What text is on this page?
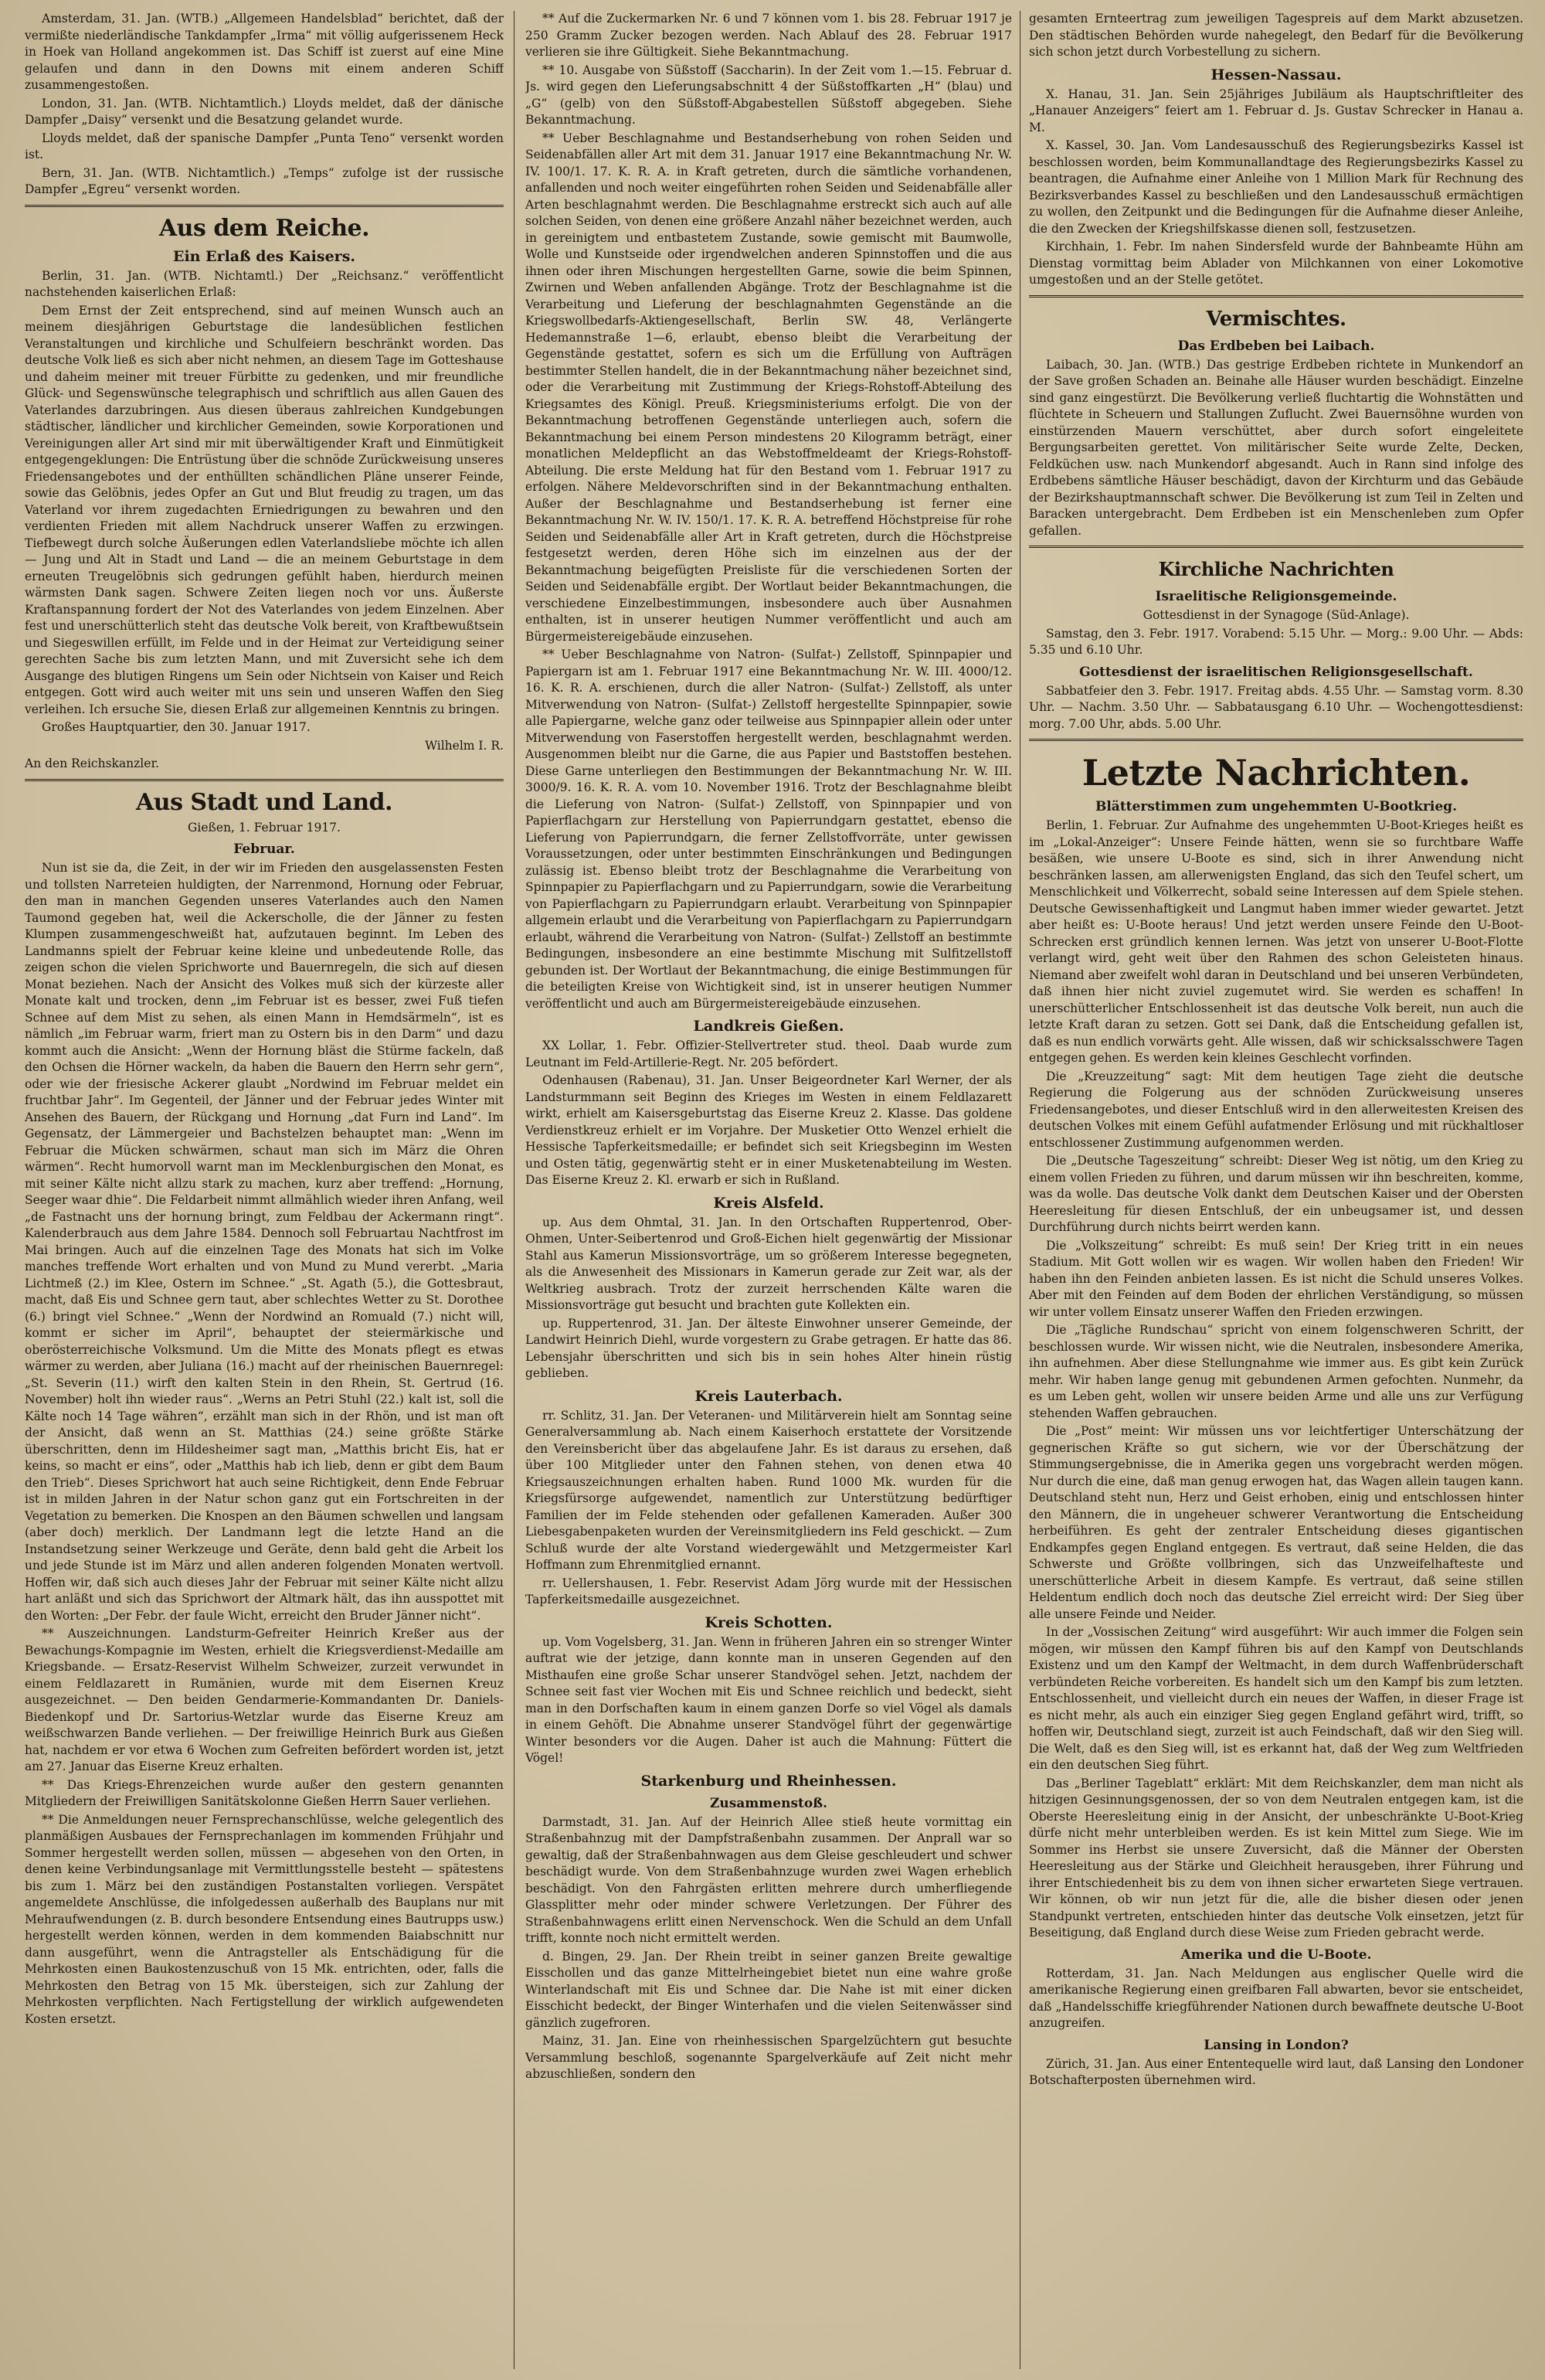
Amsterdam, 31. Jan. (WTB.) „Allgemeen Handelsblad“ berichtet, daß der vermißte niederländische Tankdampfer „Irma“ mit völlig aufgerissenem Heck in Hoek van Holland angekommen ist. Das Schiff ist zuerst auf eine Mine gelaufen und dann in den Downs mit einem anderen Schiff zusammengestoßen.

London, 31. Jan. (WTB. Nichtamtlich.) Lloyds meldet, daß der dänische Dampfer „Daisy“ versenkt und die Besatzung gelandet wurde.

Lloyds meldet, daß der spanische Dampfer „Punta Teno“ versenkt worden ist.

Bern, 31. Jan. (WTB. Nichtamtlich.) „Temps“ zufolge ist der russische Dampfer „Egreu“ versenkt worden.

Aus dem Reiche.
Ein Erlaß des Kaisers.

Berlin, 31. Jan. (WTB. Nichtamtl.) Der „Reichsanz.“ veröffentlicht nachstehenden kaiserlichen Erlaß:

Dem Ernst der Zeit entsprechend, sind auf meinen Wunsch auch an meinem diesjährigen Geburtstage die landesüblichen festlichen Veranstaltungen und kirchliche und Schulfeiern beschränkt worden. Das deutsche Volk ließ es sich aber nicht nehmen, an diesem Tage im Gotteshause und daheim meiner mit treuer Fürbitte zu gedenken, und mir freundliche Glück- und Segenswünsche telegraphisch und schriftlich aus allen Gauen des Vaterlandes darzubringen. Aus diesen überaus zahlreichen Kundgebungen städtischer, ländlicher und kirchlicher Gemeinden, sowie Korporationen und Vereinigungen aller Art sind mir mit überwältigender Kraft und Einmütigkeit entgegengeklungen: Die Entrüstung über die schnöde Zurückweisung unseres Friedensangebotes und der enthüllten schändlichen Pläne unserer Feinde, sowie das Gelöbnis, jedes Opfer an Gut und Blut freudig zu tragen, um das Vaterland vor ihrem zugedachten Erniedrigungen zu bewahren und den verdienten Frieden mit allem Nachdruck unserer Waffen zu erzwingen. Tiefbewegt durch solche Äußerungen edlen Vaterlandsliebe möchte ich allen — Jung und Alt in Stadt und Land — die an meinem Geburtstage in dem erneuten Treugelöbnis sich gedrungen gefühlt haben, hierdurch meinen wärmsten Dank sagen. Schwere Zeiten liegen noch vor uns. Äußerste Kraftanspannung fordert der Not des Vaterlandes von jedem Einzelnen. Aber fest und unerschütterlich steht das deutsche Volk bereit, von Kraftbewußtsein und Siegeswillen erfüllt, im Felde und in der Heimat zur Verteidigung seiner gerechten Sache bis zum letzten Mann, und mit Zuversicht sehe ich dem Ausgange des blutigen Ringens um Sein oder Nichtsein von Kaiser und Reich entgegen. Gott wird auch weiter mit uns sein und unseren Waffen den Sieg verleihen. Ich ersuche Sie, diesen Erlaß zur allgemeinen Kenntnis zu bringen.

Großes Hauptquartier, den 30. Januar 1917.

Wilhelm I. R.

An den Reichskanzler.

Aus Stadt und Land.

Gießen, 1. Februar 1917.

Februar.

Nun ist sie da, die Zeit, in der wir im Frieden den ausgelassensten Festen und tollsten Narreteien huldigten, der Narrenmond, Hornung oder Februar, den man in manchen Gegenden unseres Vaterlandes auch den Namen Taumond gegeben hat, weil die Ackerscholle, die der Jänner zu festen Klumpen zusammengeschweißt hat, aufzutauen beginnt. Im Leben des Landmanns spielt der Februar keine kleine und unbedeutende Rolle, das zeigen schon die vielen Sprichworte und Bauernregeln, die sich auf diesen Monat beziehen. Nach der Ansicht des Volkes muß sich der kürzeste aller Monate kalt und trocken, denn „im Februar ist es besser, zwei Fuß tiefen Schnee auf dem Mist zu sehen, als einen Mann in Hemdsärmeln“, ist es nämlich „im Februar warm, friert man zu Ostern bis in den Darm“ und dazu kommt auch die Ansicht: „Wenn der Hornung bläst die Stürme fackeln, daß den Ochsen die Hörner wackeln, da haben die Bauern den Herrn sehr gern“, oder wie der friesische Ackerer glaubt „Nordwind im Februar meldet ein fruchtbar Jahr“. Im Gegenteil, der Jänner und der Februar jedes Winter mit Ansehen des Bauern, der Rückgang und Hornung „dat Furn ind Land“. Im Gegensatz, der Lämmergeier und Bachstelzen behauptet man: „Wenn im Februar die Mücken schwärmen, schaut man sich im März die Ohren wärmen“. Recht humorvoll warnt man im Mecklenburgischen den Monat, es mit seiner Kälte nicht allzu stark zu machen, kurz aber treffend: „Hornung, Seeger waar dhie“. Die Feldarbeit nimmt allmählich wieder ihren Anfang, weil „de Fastnacht uns der hornung bringt, zum Feldbau der Ackermann ringt“. Kalenderbrauch aus dem Jahre 1584. Dennoch soll Februartau Nachtfrost im Mai bringen. Auch auf die einzelnen Tage des Monats hat sich im Volke manches treffende Wort erhalten und von Mund zu Mund vererbt. „Maria Lichtmeß (2.) im Klee, Ostern im Schnee.“ „St. Agath (5.), die Gottesbraut, macht, daß Eis und Schnee gern taut, aber schlechtes Wetter zu St. Dorothee (6.) bringt viel Schnee.“ „Wenn der Nordwind an Romuald (7.) nicht will, kommt er sicher im April“, behauptet der steiermärkische und oberösterreichische Volksmund. Um die Mitte des Monats pflegt es etwas wärmer zu werden, aber Juliana (16.) macht auf der rheinischen Bauernregel: „St. Severin (11.) wirft den kalten Stein in den Rhein, St. Gertrud (16. November) holt ihn wieder raus“. „Werns an Petri Stuhl (22.) kalt ist, soll die Kälte noch 14 Tage währen“, erzählt man sich in der Rhön, und ist man oft der Ansicht, daß wenn an St. Matthias (24.) seine größte Stärke überschritten, denn im Hildesheimer sagt man, „Matthis bricht Eis, hat er keins, so macht er eins“, oder „Matthis hab ich lieb, denn er gibt dem Baum den Trieb“. Dieses Sprichwort hat auch seine Richtigkeit, denn Ende Februar ist in milden Jahren in der Natur schon ganz gut ein Fortschreiten in der Vegetation zu bemerken. Die Knospen an den Bäumen schwellen und langsam (aber doch) merklich. Der Landmann legt die letzte Hand an die Instandsetzung seiner Werkzeuge und Geräte, denn bald geht die Arbeit los und jede Stunde ist im März und allen anderen folgenden Monaten wertvoll. Hoffen wir, daß sich auch dieses Jahr der Februar mit seiner Kälte nicht allzu hart anläßt und sich das Sprichwort der Altmark hält, das ihn ausspottet mit den Worten: „Der Febr. der faule Wicht, erreicht den Bruder Jänner nicht“.

** Auszeichnungen. Landsturm-Gefreiter Heinrich Kreßer aus der Bewachungs-Kompagnie im Westen, erhielt die Kriegsverdienst-Medaille am Kriegsbande. — Ersatz-Reservist Wilhelm Schweizer, zurzeit verwundet in einem Feldlazarett in Rumänien, wurde mit dem Eisernen Kreuz ausgezeichnet. — Den beiden Gendarmerie-Kommandanten Dr. Daniels-Biedenkopf und Dr. Sartorius-Wetzlar wurde das Eiserne Kreuz am weißschwarzen Bande verliehen. — Der freiwillige Heinrich Burk aus Gießen hat, nachdem er vor etwa 6 Wochen zum Gefreiten befördert worden ist, jetzt am 27. Januar das Eiserne Kreuz erhalten.

** Das Kriegs-Ehrenzeichen wurde außer den gestern genannten Mitgliedern der Freiwilligen Sanitätskolonne Gießen Herrn Sauer verliehen.

** Die Anmeldungen neuer Fernsprechanschlüsse, welche gelegentlich des planmäßigen Ausbaues der Fernsprechanlagen im kommenden Frühjahr und Sommer hergestellt werden sollen, müssen — abgesehen von den Orten, in denen keine Verbindungsanlage mit Vermittlungsstelle besteht — spätestens bis zum 1. März bei den zuständigen Postanstalten vorliegen. Verspätet angemeldete Anschlüsse, die infolgedessen außerhalb des Bauplans nur mit Mehraufwendungen (z. B. durch besondere Entsendung eines Bautrupps usw.) hergestellt werden können, werden in dem kommenden Baiabschnitt nur dann ausgeführt, wenn die Antragsteller als Entschädigung für die Mehrkosten einen Baukostenzuschuß von 15 Mk. entrichten, oder, falls die Mehrkosten den Betrag von 15 Mk. übersteigen, sich zur Zahlung der Mehrkosten verpflichten. Nach Fertigstellung der wirklich aufgewendeten Kosten ersetzt.

** Auf die Zuckermarken Nr. 6 und 7 können vom 1. bis 28. Februar 1917 je 250 Gramm Zucker bezogen werden. Nach Ablauf des 28. Februar 1917 verlieren sie ihre Gültigkeit. Siehe Bekanntmachung.

** 10. Ausgabe von Süßstoff (Saccharin). In der Zeit vom 1.—15. Februar d. Js. wird gegen den Lieferungsabschnitt 4 der Süßstoffkarten „H“ (blau) und „G“ (gelb) von den Süßstoff-Abgabestellen Süßstoff abgegeben. Siehe Bekanntmachung.

** Ueber Beschlagnahme und Bestandserhebung von rohen Seiden und Seidenabfällen aller Art mit dem 31. Januar 1917 eine Bekanntmachung Nr. W. IV. 100/1. 17. K. R. A. in Kraft getreten, durch die sämtliche vorhandenen, anfallenden und noch weiter eingeführten rohen Seiden und Seidenabfälle aller Arten beschlagnahmt werden. Die Beschlagnahme erstreckt sich auch auf alle solchen Seiden, von denen eine größere Anzahl näher bezeichnet werden, auch in gereinigtem und entbastetem Zustande, sowie gemischt mit Baumwolle, Wolle und Kunstseide oder irgendwelchen anderen Spinnstoffen und die aus ihnen oder ihren Mischungen hergestellten Garne, sowie die beim Spinnen, Zwirnen und Weben anfallenden Abgänge. Trotz der Beschlagnahme ist die Verarbeitung und Lieferung der beschlagnahmten Gegenstände an die Kriegswollbedarfs-Aktiengesellschaft, Berlin SW. 48, Verlängerte Hedemannstraße 1—6, erlaubt, ebenso bleibt die Verarbeitung der Gegenstände gestattet, sofern es sich um die Erfüllung von Aufträgen bestimmter Stellen handelt, die in der Bekanntmachung näher bezeichnet sind, oder die Verarbeitung mit Zustimmung der Kriegs-Rohstoff-Abteilung des Kriegsamtes des Königl. Preuß. Kriegsministeriums erfolgt. Die von der Bekanntmachung betroffenen Gegenstände unterliegen auch, sofern die Bekanntmachung bei einem Person mindestens 20 Kilogramm beträgt, einer monatlichen Meldepflicht an das Webstoffmeldeamt der Kriegs-Rohstoff-Abteilung. Die erste Meldung hat für den Bestand vom 1. Februar 1917 zu erfolgen. Nähere Meldevorschriften sind in der Bekanntmachung enthalten. Außer der Beschlagnahme und Bestandserhebung ist ferner eine Bekanntmachung Nr. W. IV. 150/1. 17. K. R. A. betreffend Höchstpreise für rohe Seiden und Seidenabfälle aller Art in Kraft getreten, durch die Höchstpreise festgesetzt werden, deren Höhe sich im einzelnen aus der der Bekanntmachung beigefügten Preisliste für die verschiedenen Sorten der Seiden und Seidenabfälle ergibt. Der Wortlaut beider Bekanntmachungen, die verschiedene Einzelbestimmungen, insbesondere auch über Ausnahmen enthalten, ist in unserer heutigen Nummer veröffentlicht und auch am Bürgermeistereigebäude einzusehen.

** Ueber Beschlagnahme von Natron- (Sulfat-) Zellstoff, Spinnpapier und Papiergarn ist am 1. Februar 1917 eine Bekanntmachung Nr. W. III. 4000/12. 16. K. R. A. erschienen, durch die aller Natron- (Sulfat-) Zellstoff, als unter Mitverwendung von Natron- (Sulfat-) Zellstoff hergestellte Spinnpapier, sowie alle Papiergarne, welche ganz oder teilweise aus Spinnpapier allein oder unter Mitverwendung von Faserstoffen hergestellt werden, beschlagnahmt werden. Ausgenommen bleibt nur die Garne, die aus Papier und Baststoffen bestehen. Diese Garne unterliegen den Bestimmungen der Bekanntmachung Nr. W. III. 3000/9. 16. K. R. A. vom 10. November 1916. Trotz der Beschlagnahme bleibt die Lieferung von Natron- (Sulfat-) Zellstoff, von Spinnpapier und von Papierflachgarn zur Herstellung von Papierrundgarn gestattet, ebenso die Lieferung von Papierrundgarn, die ferner Zellstoffvorräte, unter gewissen Voraussetzungen, oder unter bestimmten Einschränkungen und Bedingungen zulässig ist. Ebenso bleibt trotz der Beschlagnahme die Verarbeitung von Spinnpapier zu Papierflachgarn und zu Papierrundgarn, sowie die Verarbeitung von Papierflachgarn zu Papierrundgarn erlaubt. Verarbeitung von Spinnpapier allgemein erlaubt und die Verarbeitung von Papierflachgarn zu Papierrundgarn erlaubt, während die Verarbeitung von Natron- (Sulfat-) Zellstoff an bestimmte Bedingungen, insbesondere an eine bestimmte Mischung mit Sulfitzellstoff gebunden ist. Der Wortlaut der Bekanntmachung, die einige Bestimmungen für die beteiligten Kreise von Wichtigkeit sind, ist in unserer heutigen Nummer veröffentlicht und auch am Bürgermeistereigebäude einzusehen.

Landkreis Gießen.

XX Lollar, 1. Febr. Offizier-Stellvertreter stud. theol. Daab wurde zum Leutnant im Feld-Artillerie-Regt. Nr. 205 befördert.

Odenhausen (Rabenau), 31. Jan. Unser Beigeordneter Karl Werner, der als Landsturmmann seit Beginn des Krieges im Westen in einem Feldlazarett wirkt, erhielt am Kaisersgeburtstag das Eiserne Kreuz 2. Klasse. Das goldene Verdienstkreuz erhielt er im Vorjahre. Der Musketier Otto Wenzel erhielt die Hessische Tapferkeitsmedaille; er befindet sich seit Kriegsbeginn im Westen und Osten tätig, gegenwärtig steht er in einer Musketenabteilung im Westen. Das Eiserne Kreuz 2. Kl. erwarb er sich in Rußland.

Kreis Alsfeld.

up. Aus dem Ohmtal, 31. Jan. In den Ortschaften Ruppertenrod, Ober-Ohmen, Unter-Seibertenrod und Groß-Eichen hielt gegenwärtig der Missionar Stahl aus Kamerun Missionsvorträge, um so größerem Interesse begegneten, als die Anwesenheit des Missionars in Kamerun gerade zur Zeit war, als der Weltkrieg ausbrach. Trotz der zurzeit herrschenden Kälte waren die Missionsvorträge gut besucht und brachten gute Kollekten ein.

up. Ruppertenrod, 31. Jan. Der älteste Einwohner unserer Gemeinde, der Landwirt Heinrich Diehl, wurde vorgestern zu Grabe getragen. Er hatte das 86. Lebensjahr überschritten und sich bis in sein hohes Alter hinein rüstig geblieben.

Kreis Lauterbach.

rr. Schlitz, 31. Jan. Der Veteranen- und Militärverein hielt am Sonntag seine Generalversammlung ab. Nach einem Kaiserhoch erstattete der Vorsitzende den Vereinsbericht über das abgelaufene Jahr. Es ist daraus zu ersehen, daß über 100 Mitglieder unter den Fahnen stehen, von denen etwa 40 Kriegsauszeichnungen erhalten haben. Rund 1000 Mk. wurden für die Kriegsfürsorge aufgewendet, namentlich zur Unterstützung bedürftiger Familien der im Felde stehenden oder gefallenen Kameraden. Außer 300 Liebesgabenpaketen wurden der Vereinsmitgliedern ins Feld geschickt. — Zum Schluß wurde der alte Vorstand wiedergewählt und Metzgermeister Karl Hoffmann zum Ehrenmitglied ernannt.

rr. Uellershausen, 1. Febr. Reservist Adam Jörg wurde mit der Hessischen Tapferkeitsmedaille ausgezeichnet.

Kreis Schotten.

up. Vom Vogelsberg, 31. Jan. Wenn in früheren Jahren ein so strenger Winter auftrat wie der jetzige, dann konnte man in unseren Gegenden auf den Misthaufen eine große Schar unserer Standvögel sehen. Jetzt, nachdem der Schnee seit fast vier Wochen mit Eis und Schnee reichlich und bedeckt, sieht man in den Dorfschaften kaum in einem ganzen Dorfe so viel Vögel als damals in einem Gehöft. Die Abnahme unserer Standvögel führt der gegenwärtige Winter besonders vor die Augen. Daher ist auch die Mahnung: Füttert die Vögel!

Starkenburg und Rheinhessen.
Zusammenstoß.

Darmstadt, 31. Jan. Auf der Heinrich Allee stieß heute vormittag ein Straßenbahnzug mit der Dampfstraßenbahn zusammen. Der Anprall war so gewaltig, daß der Straßenbahnwagen aus dem Gleise geschleudert und schwer beschädigt wurde. Von dem Straßenbahnzuge wurden zwei Wagen erheblich beschädigt. Von den Fahrgästen erlitten mehrere durch umherfliegende Glassplitter mehr oder minder schwere Verletzungen. Der Führer des Straßenbahnwagens erlitt einen Nervenschock. Wen die Schuld an dem Unfall trifft, konnte noch nicht ermittelt werden.

d. Bingen, 29. Jan. Der Rhein treibt in seiner ganzen Breite gewaltige Eisschollen und das ganze Mittelrheingebiet bietet nun eine wahre große Winterlandschaft mit Eis und Schnee dar. Die Nahe ist mit einer dicken Eisschicht bedeckt, der Binger Winterhafen und die vielen Seitenwässer sind gänzlich zugefroren.

Mainz, 31. Jan. Eine von rheinhessischen Spargelzüchtern gut besuchte Versammlung beschloß, sogenannte Spargelverkäufe auf Zeit nicht mehr abzuschließen, sondern den

gesamten Ernteertrag zum jeweiligen Tagespreis auf dem Markt abzusetzen. Den städtischen Behörden wurde nahegelegt, den Bedarf für die Bevölkerung sich schon jetzt durch Vorbestellung zu sichern.

Hessen-Nassau.

X. Hanau, 31. Jan. Sein 25jähriges Jubiläum als Hauptschriftleiter des „Hanauer Anzeigers“ feiert am 1. Februar d. Js. Gustav Schrecker in Hanau a. M.

X. Kassel, 30. Jan. Vom Landesausschuß des Regierungsbezirks Kassel ist beschlossen worden, beim Kommunallandtage des Regierungsbezirks Kassel zu beantragen, die Aufnahme einer Anleihe von 1 Million Mark für Rechnung des Bezirksverbandes Kassel zu beschließen und den Landesausschuß ermächtigen zu wollen, den Zeitpunkt und die Bedingungen für die Aufnahme dieser Anleihe, die den Zwecken der Kriegshilfskasse dienen soll, festzusetzen.

Kirchhain, 1. Febr. Im nahen Sindersfeld wurde der Bahnbeamte Hühn am Dienstag vormittag beim Ablader von Milchkannen von einer Lokomotive umgestoßen und an der Stelle getötet.

Vermischtes.
Das Erdbeben bei Laibach.

Laibach, 30. Jan. (WTB.) Das gestrige Erdbeben richtete in Munkendorf an der Save großen Schaden an. Beinahe alle Häuser wurden beschädigt. Einzelne sind ganz eingestürzt. Die Bevölkerung verließ fluchtartig die Wohnstätten und flüchtete in Scheuern und Stallungen Zuflucht. Zwei Bauernsöhne wurden von einstürzenden Mauern verschüttet, aber durch sofort eingeleitete Bergungsarbeiten gerettet. Von militärischer Seite wurde Zelte, Decken, Feldküchen usw. nach Munkendorf abgesandt. Auch in Rann sind infolge des Erdbebens sämtliche Häuser beschädigt, davon der Kirchturm und das Gebäude der Bezirkshauptmannschaft schwer. Die Bevölkerung ist zum Teil in Zelten und Baracken untergebracht. Dem Erdbeben ist ein Menschenleben zum Opfer gefallen.

Kirchliche Nachrichten
Israelitische Religionsgemeinde.

Gottesdienst in der Synagoge (Süd-Anlage).

Samstag, den 3. Febr. 1917. Vorabend: 5.15 Uhr. — Morg.: 9.00 Uhr. — Abds: 5.35 und 6.10 Uhr.

Gottesdienst der israelitischen Religionsgesellschaft.

Sabbatfeier den 3. Febr. 1917. Freitag abds. 4.55 Uhr. — Samstag vorm. 8.30 Uhr. — Nachm. 3.50 Uhr. — Sabbatausgang 6.10 Uhr. — Wochengottesdienst: morg. 7.00 Uhr, abds. 5.00 Uhr.

Letzte Nachrichten.
Blätterstimmen zum ungehemmten U-Bootkrieg.

Berlin, 1. Februar. Zur Aufnahme des ungehemmten U-Boot-Krieges heißt es im „Lokal-Anzeiger“: Unsere Feinde hätten, wenn sie so furchtbare Waffe besäßen, wie unsere U-Boote es sind, sich in ihrer Anwendung nicht beschränken lassen, am allerwenigsten England, das sich den Teufel schert, um Menschlichkeit und Völkerrecht, sobald seine Interessen auf dem Spiele stehen. Deutsche Gewissenhaftigkeit und Langmut haben immer wieder gewartet. Jetzt aber heißt es: U-Boote heraus! Und jetzt werden unsere Feinde den U-Boot-Schrecken erst gründlich kennen lernen. Was jetzt von unserer U-Boot-Flotte verlangt wird, geht weit über den Rahmen des schon Geleisteten hinaus. Niemand aber zweifelt wohl daran in Deutschland und bei unseren Verbündeten, daß ihnen hier nicht zuviel zugemutet wird. Sie werden es schaffen! In unerschütterlicher Entschlossenheit ist das deutsche Volk bereit, nun auch die letzte Kraft daran zu setzen. Gott sei Dank, daß die Entscheidung gefallen ist, daß es nun endlich vorwärts geht. Alle wissen, daß wir schicksalsschwere Tagen entgegen gehen. Es werden kein kleines Geschlecht vorfinden.

Die „Kreuzzeitung“ sagt: Mit dem heutigen Tage zieht die deutsche Regierung die Folgerung aus der schnöden Zurückweisung unseres Friedensangebotes, und dieser Entschluß wird in den allerweitesten Kreisen des deutschen Volkes mit einem Gefühl aufatmender Erlösung und mit rückhaltloser entschlossener Zustimmung aufgenommen werden.

Die „Deutsche Tageszeitung“ schreibt: Dieser Weg ist nötig, um den Krieg zu einem vollen Frieden zu führen, und darum müssen wir ihn beschreiten, komme, was da wolle. Das deutsche Volk dankt dem Deutschen Kaiser und der Obersten Heeresleitung für diesen Entschluß, der ein unbeugsamer ist, und dessen Durchführung durch nichts beirrt werden kann.

Die „Volkszeitung“ schreibt: Es muß sein! Der Krieg tritt in ein neues Stadium. Mit Gott wollen wir es wagen. Wir wollen haben den Frieden! Wir haben ihn den Feinden anbieten lassen. Es ist nicht die Schuld unseres Volkes. Aber mit den Feinden auf dem Boden der ehrlichen Verständigung, so müssen wir unter vollem Einsatz unserer Waffen den Frieden erzwingen.

Die „Tägliche Rundschau“ spricht von einem folgenschweren Schritt, der beschlossen wurde. Wir wissen nicht, wie die Neutralen, insbesondere Amerika, ihn aufnehmen. Aber diese Stellungnahme wie immer aus. Es gibt kein Zurück mehr. Wir haben lange genug mit gebundenen Armen gefochten. Nunmehr, da es um Leben geht, wollen wir unsere beiden Arme und alle uns zur Verfügung stehenden Waffen gebrauchen.

Die „Post“ meint: Wir müssen uns vor leichtfertiger Unterschätzung der gegnerischen Kräfte so gut sichern, wie vor der Überschätzung der Stimmungsergebnisse, die in Amerika gegen uns vorgebracht werden mögen. Nur durch die eine, daß man genug erwogen hat, das Wagen allein taugen kann. Deutschland steht nun, Herz und Geist erhoben, einig und entschlossen hinter den Männern, die in ungeheuer schwerer Verantwortung die Entscheidung herbeiführen. Es geht der zentraler Entscheidung dieses gigantischen Endkampfes gegen England entgegen. Es vertraut, daß seine Helden, die das Schwerste und Größte vollbringen, sich das Unzweifelhafteste und unerschütterliche Arbeit in diesem Kampfe. Es vertraut, daß seine stillen Heldentum endlich doch noch das deutsche Ziel erreicht wird: Der Sieg über alle unsere Feinde und Neider.

In der „Vossischen Zeitung“ wird ausgeführt: Wir auch immer die Folgen sein mögen, wir müssen den Kampf führen bis auf den Kampf von Deutschlands Existenz und um den Kampf der Weltmacht, in dem durch Waffenbrüderschaft verbündeten Reiche vorbereiten. Es handelt sich um den Kampf bis zum letzten. Entschlossenheit, und vielleicht durch ein neues der Waffen, in dieser Frage ist es nicht mehr, als auch ein einziger Sieg gegen England gefährt wird, trifft, so hoffen wir, Deutschland siegt, zurzeit ist auch Feindschaft, daß wir den Sieg will. Die Welt, daß es den Sieg will, ist es erkannt hat, daß der Weg zum Weltfrieden ein den deutschen Sieg führt.

Das „Berliner Tageblatt“ erklärt: Mit dem Reichskanzler, dem man nicht als hitzigen Gesinnungsgenossen, der so von dem Neutralen entgegen kam, ist die Oberste Heeresleitung einig in der Ansicht, der unbeschränkte U-Boot-Krieg dürfe nicht mehr unterbleiben werden. Es ist kein Mittel zum Siege. Wie im Sommer ins Herbst sie unsere Zuversicht, daß die Männer der Obersten Heeresleitung aus der Stärke und Gleichheit herausgeben, ihrer Führung und ihrer Entschiedenheit bis zu dem von ihnen sicher erwarteten Siege vertrauen. Wir können, ob wir nun jetzt für die, alle die bisher diesen oder jenen Standpunkt vertreten, entschieden hinter das deutsche Volk einsetzen, jetzt für Beseitigung, daß England durch diese Weise zum Frieden gebracht werde.

Amerika und die U-Boote.

Rotterdam, 31. Jan. Nach Meldungen aus englischer Quelle wird die amerikanische Regierung einen greifbaren Fall abwarten, bevor sie entscheidet, daß „Handelsschiffe kriegführender Nationen durch bewaffnete deutsche U-Boot anzugreifen.

Lansing in London?

Zürich, 31. Jan. Aus einer Ententequelle wird laut, daß Lansing den Londoner Botschafterposten übernehmen wird.
